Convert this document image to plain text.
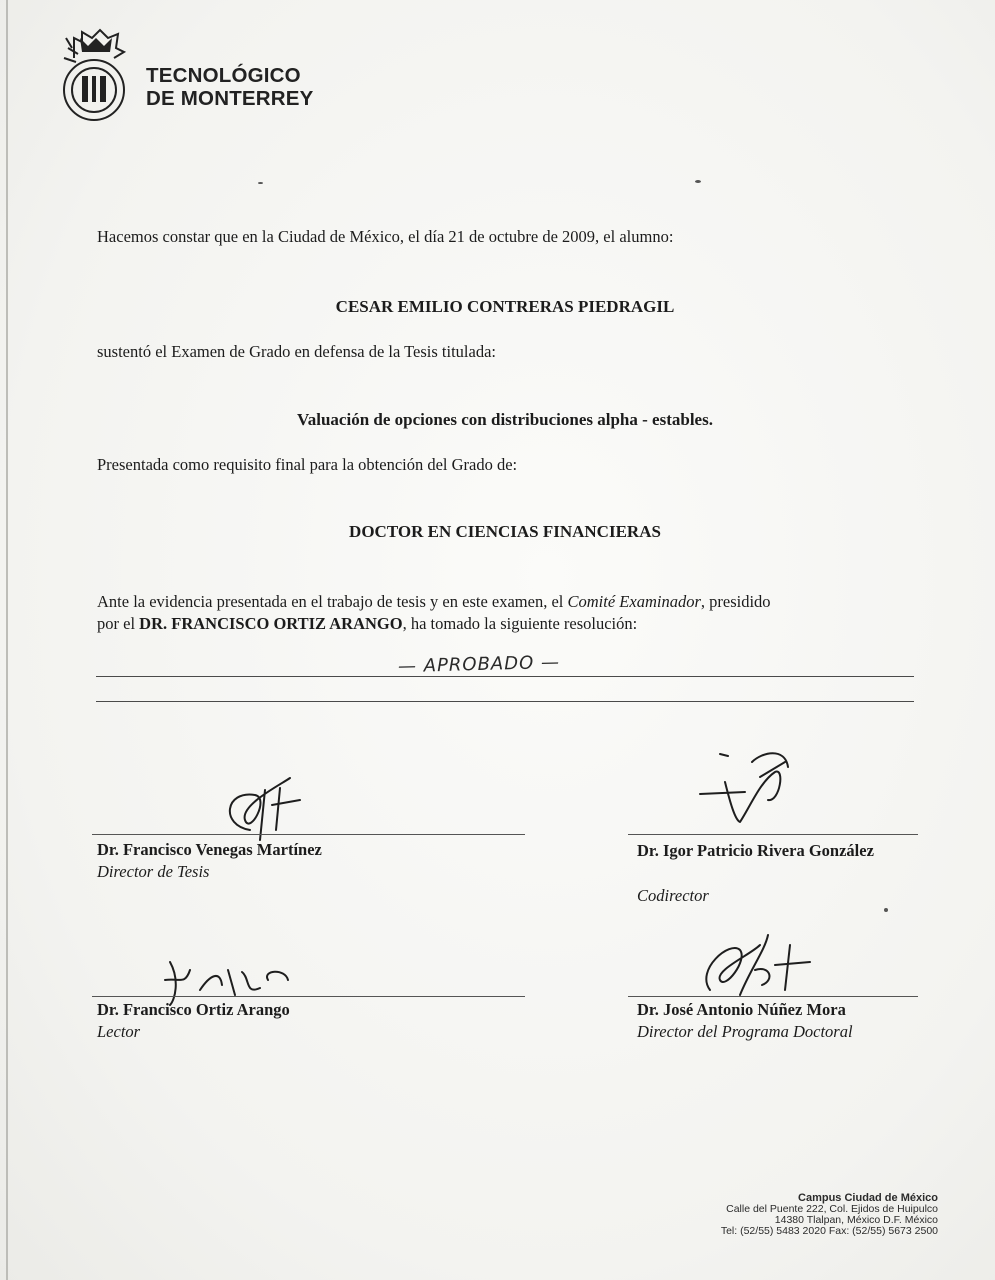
TECNOLÓGICO
DE MONTERREY
Hacemos constar que en la Ciudad de México, el día 21 de octubre de 2009, el alumno:
CESAR EMILIO CONTRERAS PIEDRAGIL
sustentó el Examen de Grado en defensa de la Tesis titulada:
Valuación de opciones con distribuciones alpha - estables.
Presentada como requisito final para la obtención del Grado de:
DOCTOR EN CIENCIAS FINANCIERAS
Ante la evidencia presentada en el trabajo de tesis y en este examen, el Comité Examinador, presidido
por el DR. FRANCISCO ORTIZ ARANGO, ha tomado la siguiente resolución:
— APROBADO —
Dr. Francisco Venegas Martínez
Director de Tesis
Dr. Igor Patricio Rivera González
Codirector
Dr. Francisco Ortiz Arango
Lector
Dr. José Antonio Núñez Mora
Director del Programa Doctoral
Campus Ciudad de México
Calle del Puente 222, Col. Ejidos de Huipulco
14380 Tlalpan, México D.F. México
Tel: (52/55) 5483 2020 Fax: (52/55) 5673 2500
